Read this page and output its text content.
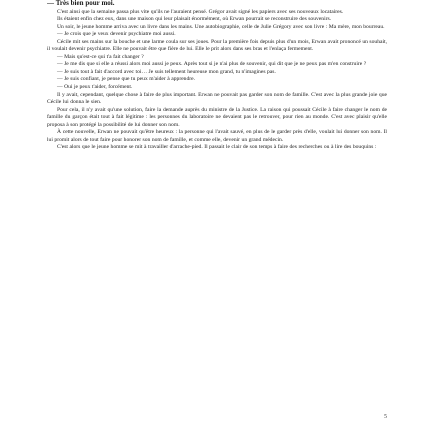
— Très bien pour moi.

C'est ainsi que la semaine passa plus vite qu'ils ne l'auraient pensé. Grégor avait signé les papiers avec ses nouveaux locataires.

Ils étaient enfin chez eux, dans une maison qui leur plaisait énormément, où Erwan pourrait se reconstruire des souvenirs.

Un soir, le jeune homme arriva avec un livre dans les mains. Une autobiographie, celle de Julie Grégory avec son livre : Ma mère, mon bourreau.

— Je crois que je veux devenir psychiatre moi aussi.

Cécile mit ses mains sur la bouche et une larme coula sur ses joues. Pour la première fois depuis plus d'un mois, Erwan avait prononcé un souhait, il voulait devenir psychiatre. Elle ne pouvait être que fière de lui. Elle le prit alors dans ses bras et l'enlaça fermement.

— Mais qu'est-ce qui t'a fait changer ?

— Je me dis que si elle a réussi alors moi aussi je peux. Après tout si je n'ai plus de souvenir, qui dit que je ne peux pas m'en construire ?

— Je suis tout à fait d'accord avec toi… Je suis tellement heureuse mon grand, tu n'imagines pas.

— Je suis confiant, je pense que tu peux m'aider à apprendre.

— Oui je peux t'aider, forcément.

Il y avait, cependant, quelque chose à faire de plus important. Erwan ne pouvait pas garder son nom de famille. C'est avec la plus grande joie que Cécile lui donna le sien.

Pour cela, il n'y avait qu'une solution, faire la demande auprès du ministre de la Justice. La raison qui poussait Cécile à faire changer le nom de famille du garçon était tout à fait légitime : les personnes du laboratoire ne devaient pas le retrouver, pour rien au monde. C'est avec plaisir qu'elle proposa à son protégé la possibilité de lui donner son nom.

À cette nouvelle, Erwan ne pouvait qu'être heureux : la personne qui l'avait sauvé, en plus de le garder près d'elle, voulait lui donner son nom. Il lui promit alors de tout faire pour honorer son nom de famille, et comme elle, devenir un grand médecin.

C'est alors que le jeune homme se mit à travailler d'arrache-pied. Il passait le clair de son temps à faire des recherches ou à lire des bouquins :

5
